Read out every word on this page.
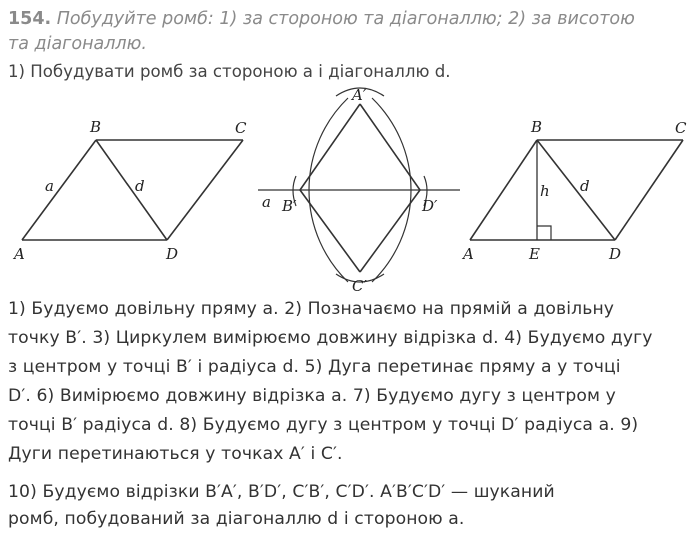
154. Побудуйте ромб: 1) за стороною та діагоналлю; 2) за висотою
та діагоналлю.
1) Побудувати ромб за стороною a і діагоналлю d.
A
B	C
D
a	d
A′
B′
C′
D′
a
A
B	C
D
E
h d
1) Будуємо довільну пряму a. 2) Позначаємо на прямій a довільну
точку B′. 3) Циркулем вимірюємо довжину відрізка d. 4) Будуємо дугу
з центром у точці B′ і радіуса d. 5) Дуга перетинає пряму a у точці
D′. 6) Вимірюємо довжину відрізка a. 7) Будуємо дугу з центром у
точці B′ радіуса d. 8) Будуємо дугу з центром у точці D′ радіуса a. 9)
Дуги перетинаються у точках A′ і C′.
10) Будуємо відрізки B′A′, B′D′, C′B′, C′D′. A′B′C′D′ — шуканий
ромб, побудований за діагоналлю d і стороною a.
